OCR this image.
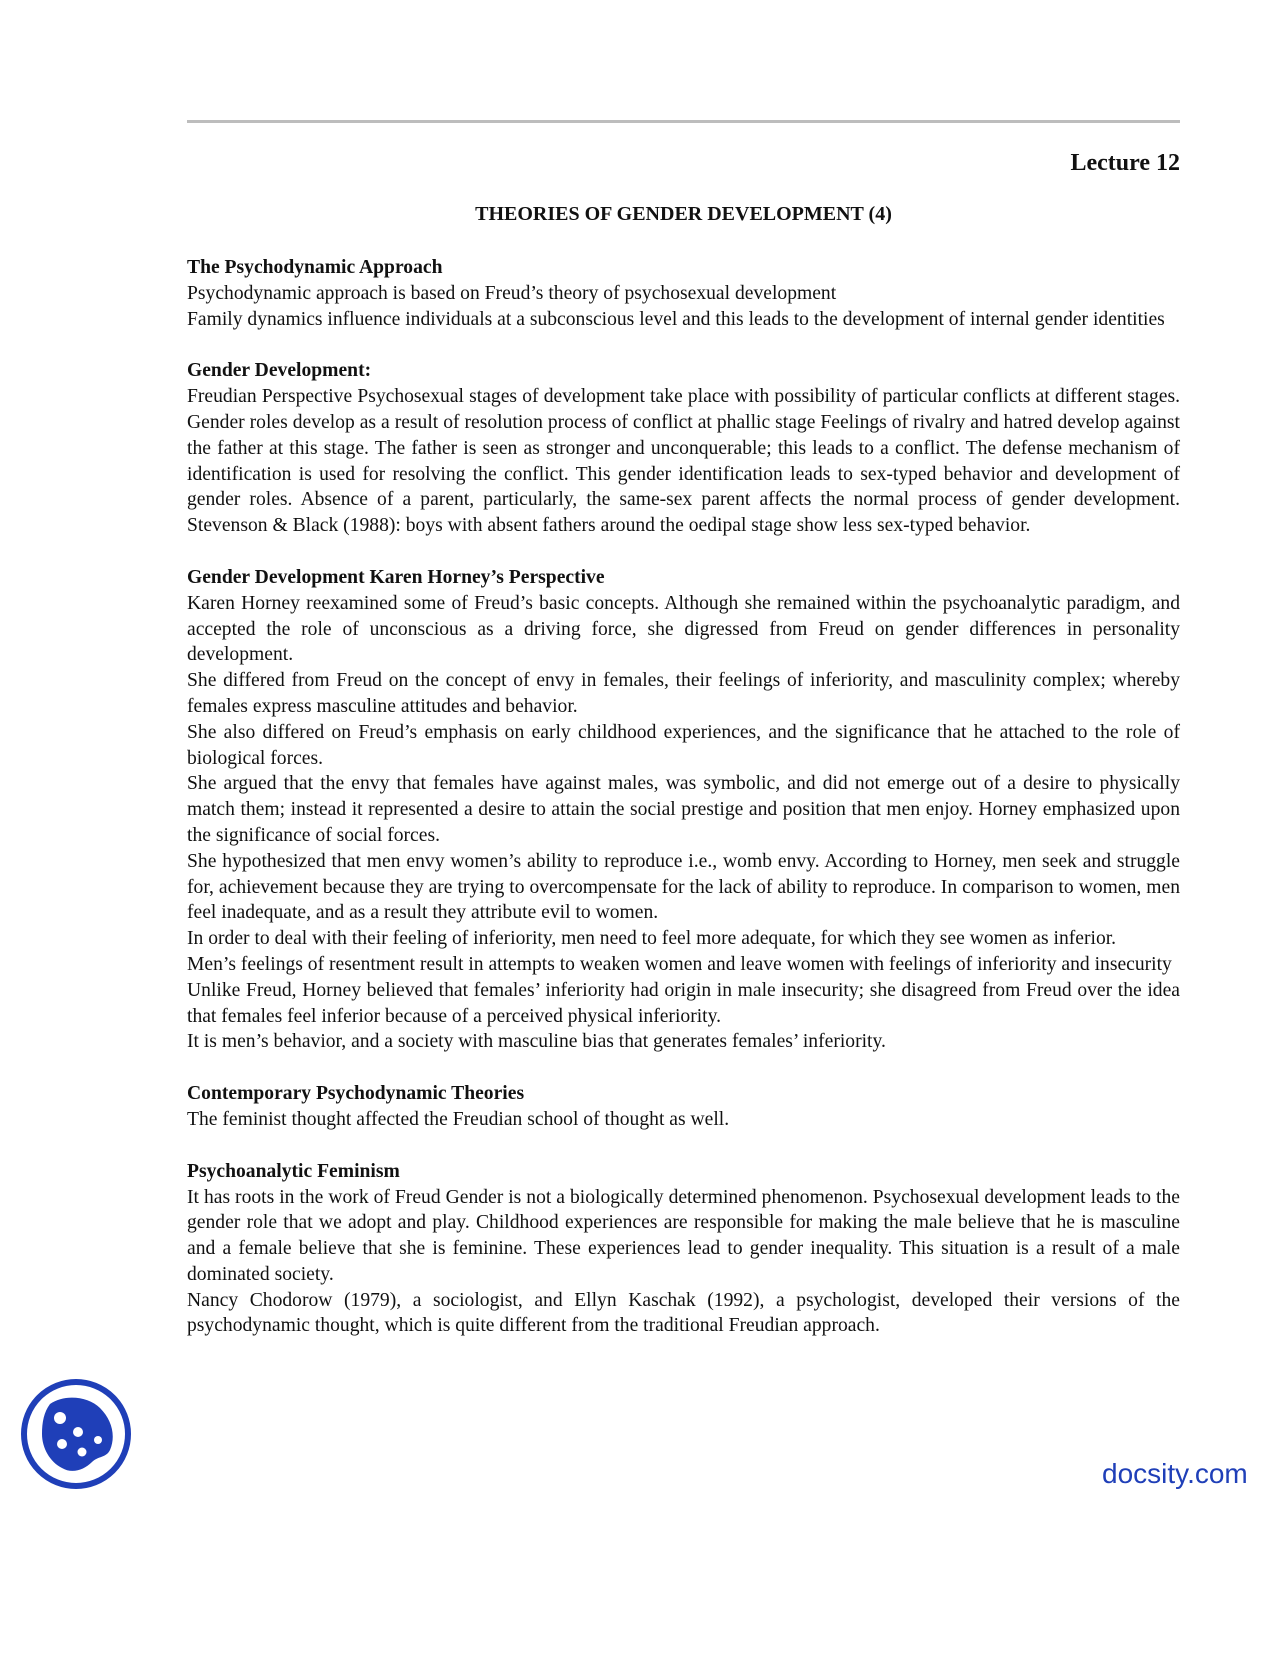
Lecture 12
THEORIES OF GENDER DEVELOPMENT (4)
The Psychodynamic Approach

Psychodynamic approach is based on Freud’s theory of psychosexual development

Family dynamics influence individuals at a subconscious level and this leads to the development of internal gender identities

Gender Development:

Freudian Perspective Psychosexual stages of development take place with possibility of particular conflicts at different stages. Gender roles develop as a result of resolution process of conflict at phallic stage Feelings of rivalry and hatred develop against the father at this stage. The father is seen as stronger and unconquerable; this leads to a conflict. The defense mechanism of identification is used for resolving the conflict. This gender identification leads to sex-typed behavior and development of gender roles. Absence of a parent, particularly, the same-sex parent affects the normal process of gender development. Stevenson & Black (1988): boys with absent fathers around the oedipal stage show less sex-typed behavior.

Gender Development Karen Horney’s Perspective

Karen Horney reexamined some of Freud’s basic concepts. Although she remained within the psychoanalytic paradigm, and accepted the role of unconscious as a driving force, she digressed from Freud on gender differences in personality development.

She differed from Freud on the concept of envy in females, their feelings of inferiority, and masculinity complex; whereby females express masculine attitudes and behavior.

She also differed on Freud’s emphasis on early childhood experiences, and the significance that he attached to the role of biological forces.

She argued that the envy that females have against males, was symbolic, and did not emerge out of a desire to physically match them; instead it represented a desire to attain the social prestige and position that men enjoy. Horney emphasized upon the significance of social forces.

She hypothesized that men envy women’s ability to reproduce i.e., womb envy. According to Horney, men seek and struggle for, achievement because they are trying to overcompensate for the lack of ability to reproduce. In comparison to women, men feel inadequate, and as a result they attribute evil to women.

In order to deal with their feeling of inferiority, men need to feel more adequate, for which they see women as inferior.

Men’s feelings of resentment result in attempts to weaken women and leave women with feelings of inferiority and insecurity

Unlike Freud, Horney believed that females’ inferiority had origin in male insecurity; she disagreed from Freud over the idea that females feel inferior because of a perceived physical inferiority.

It is men’s behavior, and a society with masculine bias that generates females’ inferiority.

Contemporary Psychodynamic Theories

The feminist thought affected the Freudian school of thought as well.

Psychoanalytic Feminism

It has roots in the work of Freud Gender is not a biologically determined phenomenon. Psychosexual development leads to the gender role that we adopt and play. Childhood experiences are responsible for making the male believe that he is masculine and a female believe that she is feminine. These experiences lead to gender inequality. This situation is a result of a male dominated society.

Nancy Chodorow (1979), a sociologist, and Ellyn Kaschak (1992), a psychologist, developed their versions of the psychodynamic thought, which is quite different from the traditional Freudian approach.

docsity.com
